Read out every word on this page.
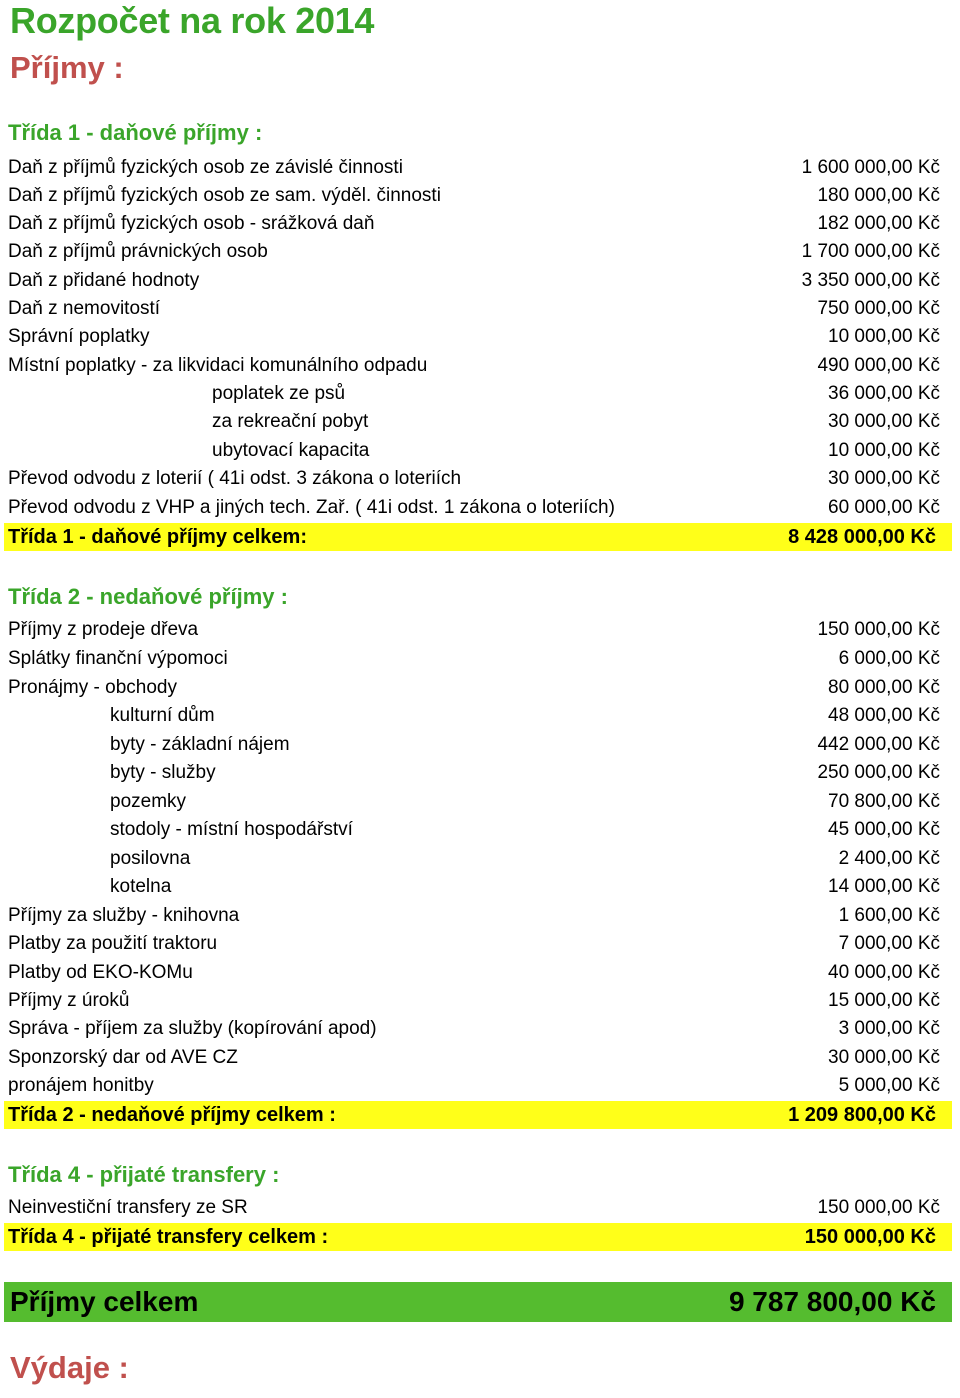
Rozpočet na rok 2014
Příjmy :
Třída 1 - daňové příjmy :
Daň z příjmů fyzických osob ze závislé činnosti	1 600 000,00 Kč
Daň z příjmů fyzických osob ze sam. výděl. činnosti	180 000,00 Kč
Daň z příjmů fyzických osob - srážková daň	182 000,00 Kč
Daň z příjmů právnických osob	1 700 000,00 Kč
Daň z přidané hodnoty	3 350 000,00 Kč
Daň z nemovitostí	750 000,00 Kč
Správní poplatky	10 000,00 Kč
Místní poplatky - za likvidaci komunálního odpadu	490 000,00 Kč
poplatek ze psů	36 000,00 Kč
za rekreační pobyt	30 000,00 Kč
ubytovací kapacita	10 000,00 Kč
Převod odvodu z loterií ( 41i odst. 3 zákona o loteriích	30 000,00 Kč
Převod odvodu z VHP a jiných tech. Zař. ( 41i odst. 1 zákona o loteriích)	60 000,00 Kč
Třída 1 - daňové příjmy celkem:	8 428 000,00 Kč
Třída 2 - nedaňové příjmy :
Příjmy z prodeje dřeva	150 000,00 Kč
Splátky finanční výpomoci	6 000,00 Kč
Pronájmy - obchody	80 000,00 Kč
kulturní dům	48 000,00 Kč
byty - základní nájem	442 000,00 Kč
byty - služby	250 000,00 Kč
pozemky	70 800,00 Kč
stodoly - místní hospodářství	45 000,00 Kč
posilovna	2 400,00 Kč
kotelna	14 000,00 Kč
Příjmy za služby - knihovna	1 600,00 Kč
Platby za použití traktoru	7 000,00 Kč
Platby od EKO-KOMu	40 000,00 Kč
Příjmy z úroků	15 000,00 Kč
Správa - příjem za služby (kopírování apod)	3 000,00 Kč
Sponzorský dar od AVE CZ	30 000,00 Kč
pronájem honitby	5 000,00 Kč
Třída 2 - nedaňové příjmy celkem :	1 209 800,00 Kč
Třída 4 - přijaté transfery :
Neinvestiční transfery ze SR	150 000,00 Kč
Třída 4 - přijaté transfery celkem :	150 000,00 Kč
Příjmy celkem	9 787 800,00 Kč
Výdaje :
